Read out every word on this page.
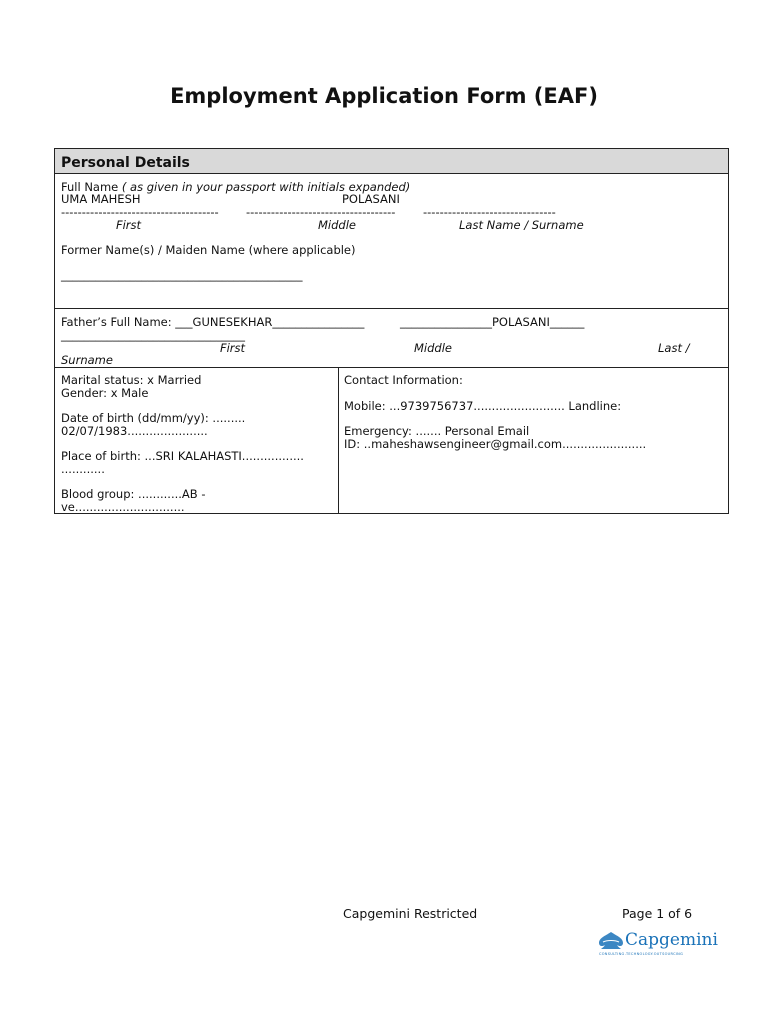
Employment Application Form (EAF)
Personal Details
Full Name ( as given in your passport with initials expanded)
UMA MAHESH	POLASANI
-------------------------------------- ------------------------------------ --------------------------------
First	Middle	Last Name / Surname
Former Name(s) / Maiden Name (where applicable)
__________________________________________
Father’s Full Name: ___GUNESEKHAR________________	________________POLASANI______
________________________________
First	Middle	Last /
Surname
Marital status: x Married
Gender: x Male
Date of birth (dd/mm/yy): .........
02/07/1983......................
Place of birth: ...SRI KALAHASTI.................
............
Blood group: ............AB -
ve..............................
Contact Information:
Mobile: ...9739756737......................... Landline:
Emergency: ....... Personal Email
ID: ..maheshawsengineer@gmail.com.......................
Capgemini Restricted	Page 1 of 6
Capgemini
CONSULTING.TECHNOLOGY.OUTSOURCING
